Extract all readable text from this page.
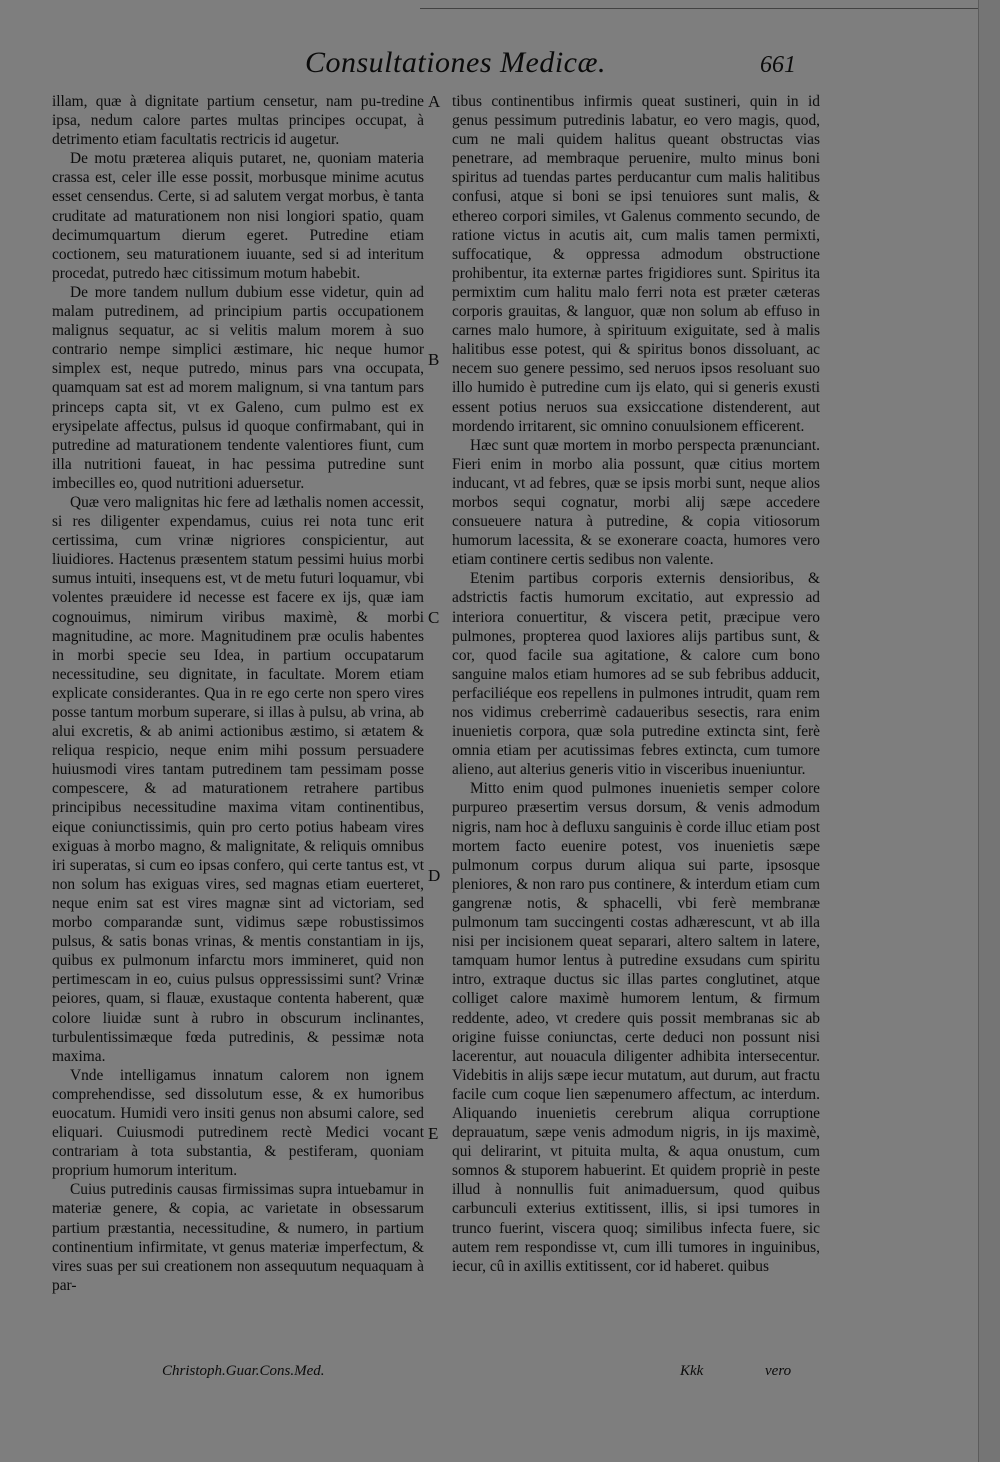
Consultationes Medicæ.	661

illam, quæ à dignitate partium censetur, nam pu-tredine ipsa, nedum calore partes multas principes occupat, à detrimento etiam facultatis rectricis id augetur.

De motu præterea aliquis putaret, ne, quoniam materia crassa est, celer ille esse possit, morbusque minime acutus esset censendus. Certe, si ad salutem vergat morbus, è tanta cruditate ad maturationem non nisi longiori spatio, quam decimumquartum dierum egeret. Putredine etiam coctionem, seu maturationem iuuante, sed si ad interitum procedat, putredo hæc citissimum motum habebit.

De more tandem nullum dubium esse videtur, quin ad malam putredinem, ad principium partis occupationem malignus sequatur, ac si velitis malum morem à suo contrario nempe simplici æstimare, hic neque humor simplex est, neque putredo, minus pars vna occupata, quamquam sat est ad morem malignum, si vna tantum pars princeps capta sit, vt ex Galeno, cum pulmo est ex erysipelate affectus, pulsus id quoque confirmabant, qui in putredine ad maturationem tendente valentiores fiunt, cum illa nutritioni faueat, in hac pessima putredine sunt imbecilles eo, quod nutritioni aduersetur.

Quæ vero malignitas hic fere ad læthalis nomen accessit, si res diligenter expendamus, cuius rei nota tunc erit certissima, cum vrinæ nigriores conspicientur, aut liuidiores. Hactenus præsentem statum pessimi huius morbi sumus intuiti, insequens est, vt de metu futuri loquamur, vbi volentes præuidere id necesse est facere ex ijs, quæ iam cognouimus, nimirum viribus maximè, & morbi magnitudine, ac more. Magnitudinem præ oculis habentes in morbi specie seu Idea, in partium occupatarum necessitudine, seu dignitate, in facultate. Morem etiam explicate considerantes. Qua in re ego certe non spero vires posse tantum morbum superare, si illas à pulsu, ab vrina, ab alui excretis, & ab animi actionibus æstimo, si ætatem & reliqua respicio, neque enim mihi possum persuadere huiusmodi vires tantam putredinem tam pessimam posse compescere, & ad maturationem retrahere partibus principibus necessitudine maxima vitam continentibus, eique coniunctissimis, quin pro certo potius habeam vires exiguas à morbo magno, & malignitate, & reliquis omnibus iri superatas, si cum eo ipsas confero, qui certe tantus est, vt non solum has exiguas vires, sed magnas etiam euerteret, neque enim sat est vires magnæ sint ad victoriam, sed morbo comparandæ sunt, vidimus sæpe robustissimos pulsus, & satis bonas vrinas, & mentis constantiam in ijs, quibus ex pulmonum infarctu mors immineret, quid non pertimescam in eo, cuius pulsus oppressissimi sunt? Vrinæ peiores, quam, si flauæ, exustaque contenta haberent, quæ colore liuidæ sunt à rubro in obscurum inclinantes, turbulentissimæque fœda putredinis, & pessimæ nota maxima.

Vnde intelligamus innatum calorem non ignem comprehendisse, sed dissolutum esse, & ex humoribus euocatum. Humidi vero insiti genus non absumi calore, sed eliquari. Cuiusmodi putredinem rectè Medici vocant contrariam à tota substantia, & pestiferam, quoniam proprium humorum interitum.

Cuius putredinis causas firmissimas supra intuebamur in materiæ genere, & copia, ac varietate in obsessarum partium præstantia, necessitudine, & numero, in partium continentium infirmitate, vt genus materiæ imperfectum, & vires suas per sui creationem non assequutum nequaquam à par-

A
B
C
D
E

tibus continentibus infirmis queat sustineri, quin in id genus pessimum putredinis labatur, eo vero magis, quod, cum ne mali quidem halitus queant obstructas vias penetrare, ad membraque peruenire, multo minus boni spiritus ad tuendas partes perducantur cum malis halitibus confusi, atque si boni se ipsi tenuiores sunt malis, & ethereo corpori similes, vt Galenus commento secundo, de ratione victus in acutis ait, cum malis tamen permixti, suffocatique, & oppressa admodum obstructione prohibentur, ita externæ partes frigidiores sunt. Spiritus ita permixtim cum halitu malo ferri nota est præter cæteras corporis grauitas, & languor, quæ non solum ab effuso in carnes malo humore, à spirituum exiguitate, sed à malis halitibus esse potest, qui & spiritus bonos dissoluant, ac necem suo genere pessimo, sed neruos ipsos resoluant suo illo humido è putredine cum ijs elato, qui si generis exusti essent potius neruos sua exsiccatione distenderent, aut mordendo irritarent, sic omnino conuulsionem efficerent.

Hæc sunt quæ mortem in morbo perspecta prænunciant. Fieri enim in morbo alia possunt, quæ citius mortem inducant, vt ad febres, quæ se ipsis morbi sunt, neque alios morbos sequi cognatur, morbi alij sæpe accedere consueuere natura à putredine, & copia vitiosorum humorum lacessita, & se exonerare coacta, humores vero etiam continere certis sedibus non valente.

Etenim partibus corporis externis densioribus, & adstrictis factis humorum excitatio, aut expressio ad interiora conuertitur, & viscera petit, præcipue vero pulmones, propterea quod laxiores alijs partibus sunt, & cor, quod facile sua agitatione, & calore cum bono sanguine malos etiam humores ad se sub febribus adducit, perfaciliéque eos repellens in pulmones intrudit, quam rem nos vidimus creberrimè cadaueribus sesectis, rara enim inuenietis corpora, quæ sola putredine extincta sint, ferè omnia etiam per acutissimas febres extincta, cum tumore alieno, aut alterius generis vitio in visceribus inueniuntur.

Mitto enim quod pulmones inuenietis semper colore purpureo præsertim versus dorsum, & venis admodum nigris, nam hoc à defluxu sanguinis è corde illuc etiam post mortem facto euenire potest, vos inuenietis sæpe pulmonum corpus durum aliqua sui parte, ipsosque pleniores, & non raro pus continere, & interdum etiam cum gangrenæ notis, & sphacelli, vbi ferè membranæ pulmonum tam succingenti costas adhærescunt, vt ab illa nisi per incisionem queat separari, altero saltem in latere, tamquam humor lentus à putredine exsudans cum spiritu intro, extraque ductus sic illas partes conglutinet, atque colliget calore maximè humorem lentum, & firmum reddente, adeo, vt credere quis possit membranas sic ab origine fuisse coniunctas, certe deduci non possunt nisi lacerentur, aut nouacula diligenter adhibita intersecentur. Videbitis in alijs sæpe iecur mutatum, aut durum, aut fractu facile cum coque lien sæpenumero affectum, ac interdum. Aliquando inuenietis cerebrum aliqua corruptione deprauatum, sæpe venis admodum nigris, in ijs maximè, qui delirarint, vt pituita multa, & aqua onustum, cum somnos & stuporem habuerint. Et quidem propriè in peste illud à nonnullis fuit animaduersum, quod quibus carbunculi exterius extitissent, illis, si ipsi tumores in trunco fuerint, viscera quoq; similibus infecta fuere, sic autem rem respondisse vt, cum illi tumores in inguinibus, iecur, cû in axillis extitissent, cor id haberet. quibus

Christoph.Guar.Cons.Med.	Kkk	vero
